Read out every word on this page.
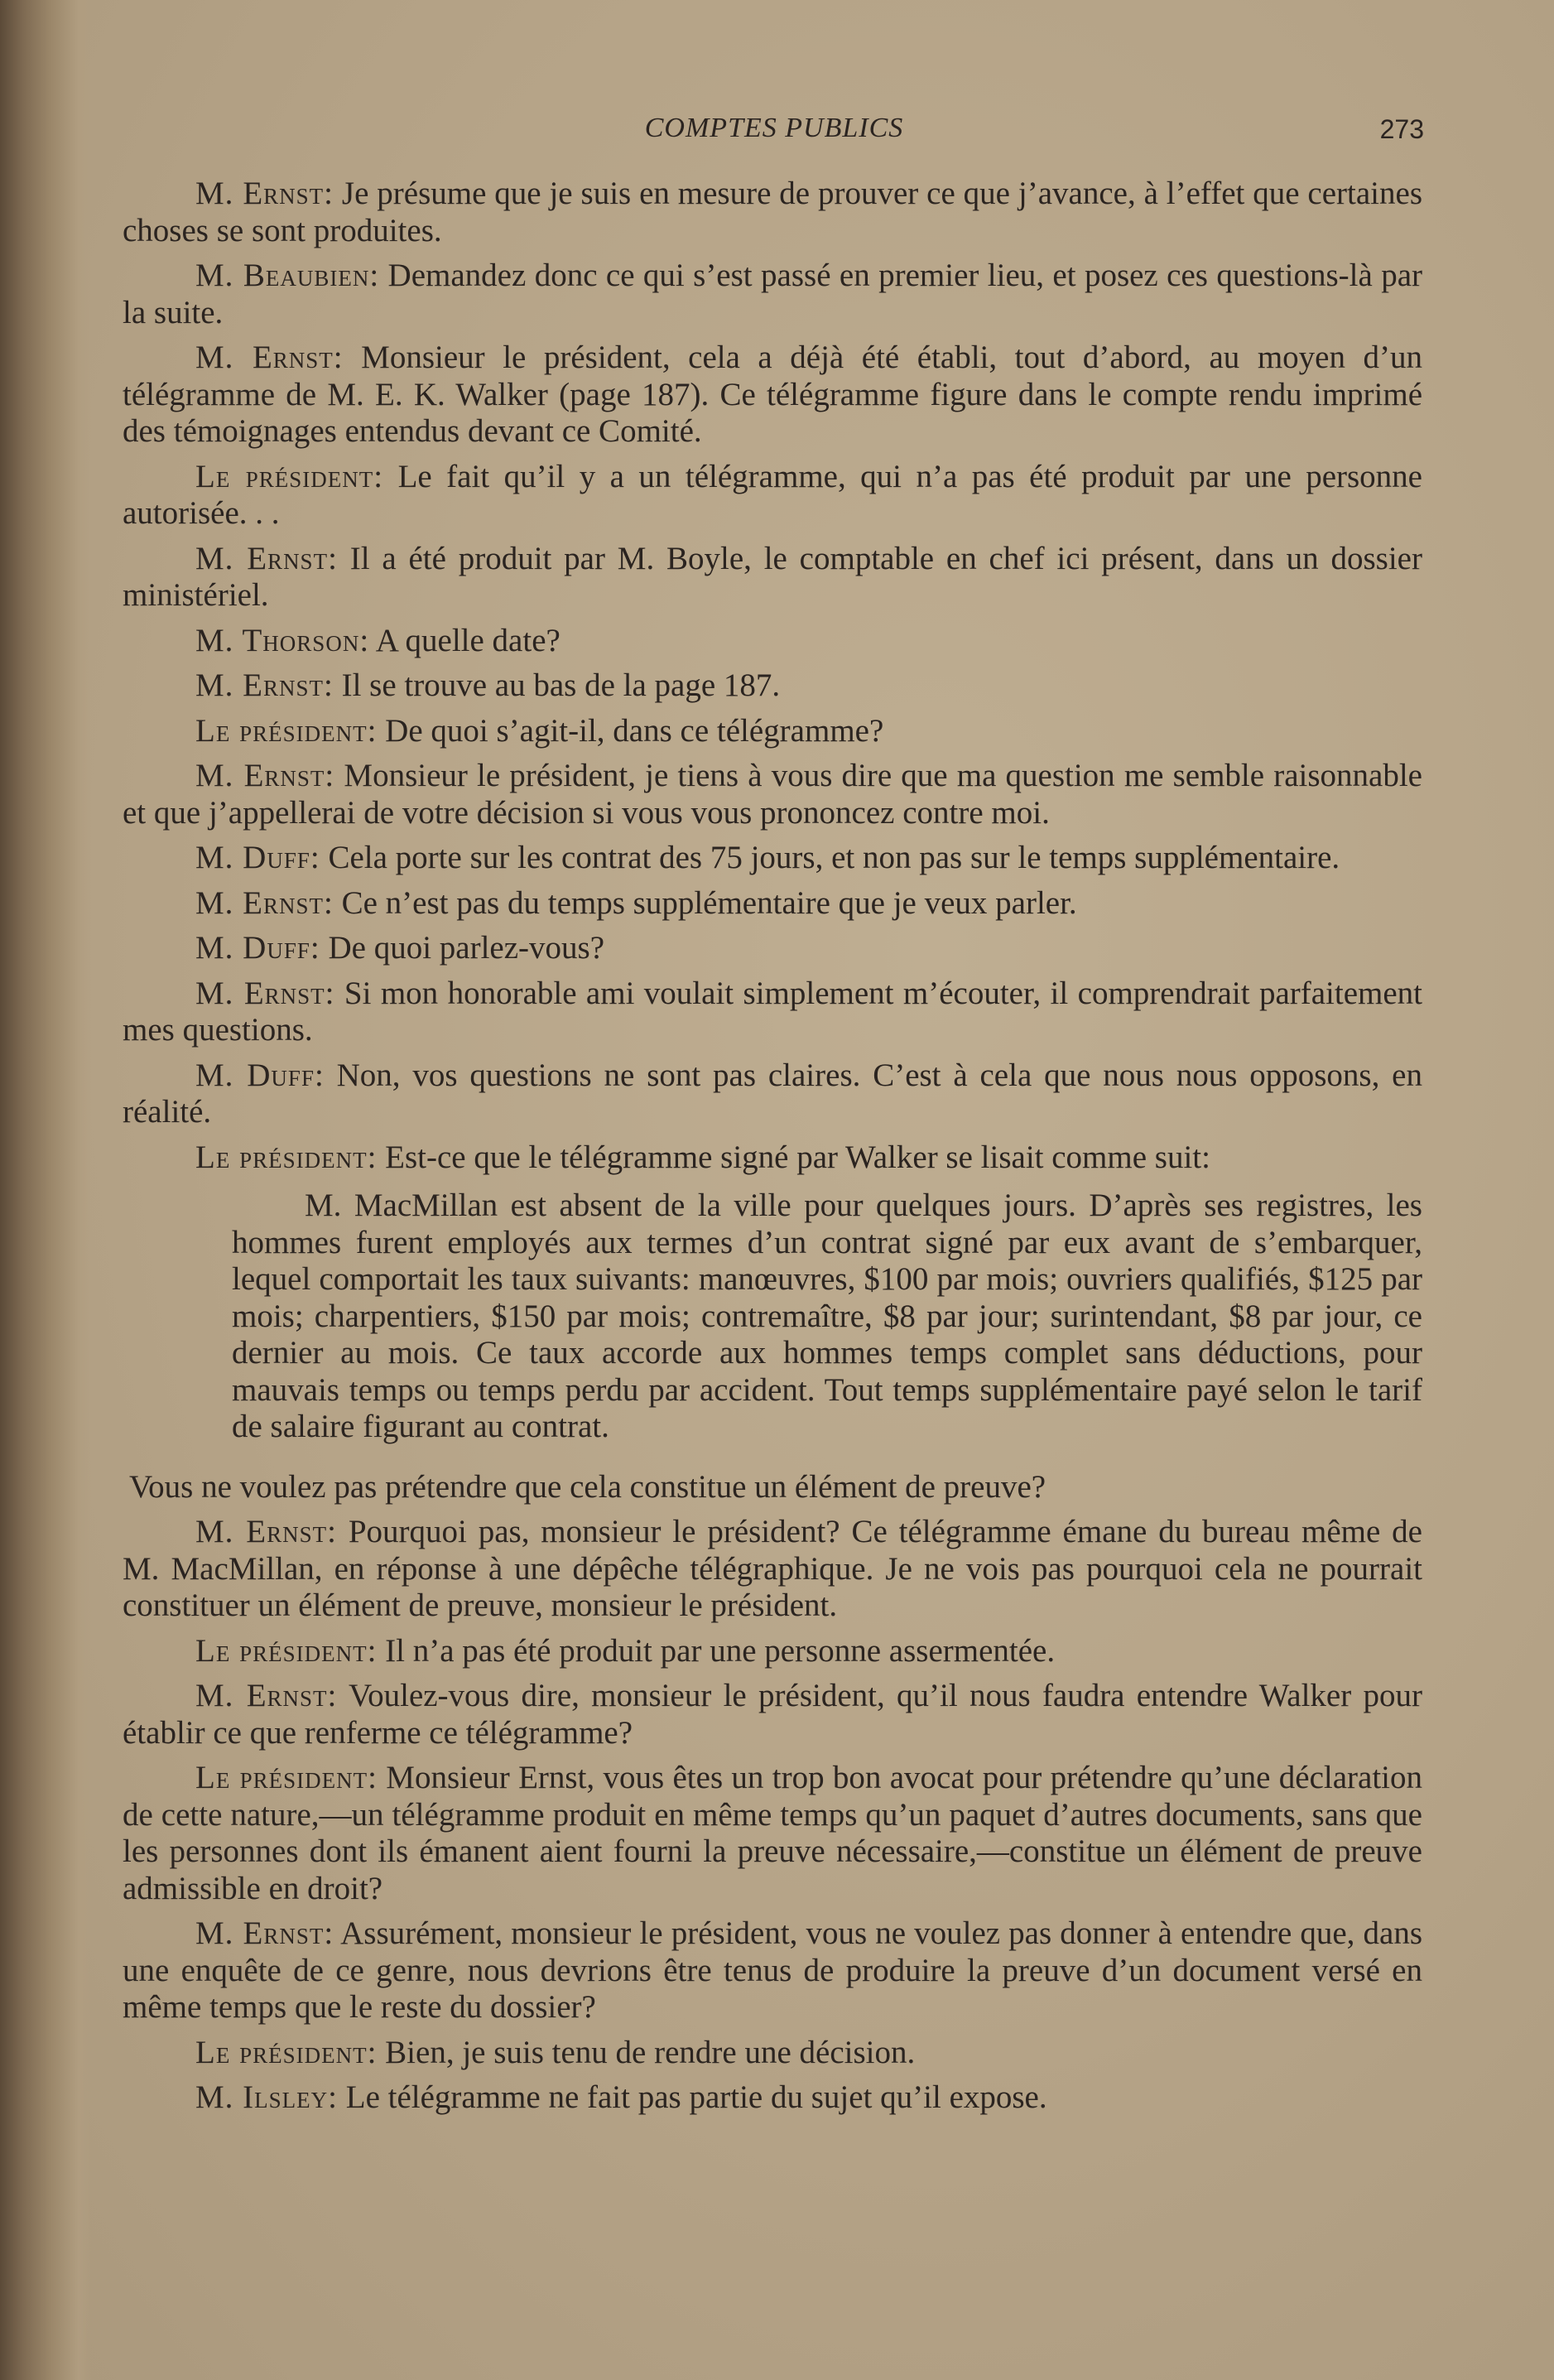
COMPTES PUBLICS	273

M. Ernst: Je présume que je suis en mesure de prouver ce que j’avance, à l’effet que certaines choses se sont produites.

M. Beaubien: Demandez donc ce qui s’est passé en premier lieu, et posez ces questions-là par la suite.

M. Ernst: Monsieur le président, cela a déjà été établi, tout d’abord, au moyen d’un télégramme de M. E. K. Walker (page 187). Ce télégramme figure dans le compte rendu imprimé des témoignages entendus devant ce Comité.

Le président: Le fait qu’il y a un télégramme, qui n’a pas été produit par une personne autorisée. . .

M. Ernst: Il a été produit par M. Boyle, le comptable en chef ici présent, dans un dossier ministériel.

M. Thorson: A quelle date?

M. Ernst: Il se trouve au bas de la page 187.

Le président: De quoi s’agit-il, dans ce télégramme?

M. Ernst: Monsieur le président, je tiens à vous dire que ma question me semble raisonnable et que j’appellerai de votre décision si vous vous prononcez contre moi.

M. Duff: Cela porte sur les contrat des 75 jours, et non pas sur le temps supplémentaire.

M. Ernst: Ce n’est pas du temps supplémentaire que je veux parler.

M. Duff: De quoi parlez-vous?

M. Ernst: Si mon honorable ami voulait simplement m’écouter, il comprendrait parfaitement mes questions.

M. Duff: Non, vos questions ne sont pas claires. C’est à cela que nous nous opposons, en réalité.

Le président: Est-ce que le télégramme signé par Walker se lisait comme suit:

M. MacMillan est absent de la ville pour quelques jours. D’après ses registres, les hommes furent employés aux termes d’un contrat signé par eux avant de s’embarquer, lequel comportait les taux suivants: manœuvres, $100 par mois; ouvriers qualifiés, $125 par mois; charpentiers, $150 par mois; contremaître, $8 par jour; surintendant, $8 par jour, ce dernier au mois. Ce taux accorde aux hommes temps complet sans déductions, pour mauvais temps ou temps perdu par accident. Tout temps supplémentaire payé selon le tarif de salaire figurant au contrat.

Vous ne voulez pas prétendre que cela constitue un élément de preuve?

M. Ernst: Pourquoi pas, monsieur le président? Ce télégramme émane du bureau même de M. MacMillan, en réponse à une dépêche télégraphique. Je ne vois pas pourquoi cela ne pourrait constituer un élément de preuve, monsieur le président.

Le président: Il n’a pas été produit par une personne assermentée.

M. Ernst: Voulez-vous dire, monsieur le président, qu’il nous faudra entendre Walker pour établir ce que renferme ce télégramme?

Le président: Monsieur Ernst, vous êtes un trop bon avocat pour prétendre qu’une déclaration de cette nature,—un télégramme produit en même temps qu’un paquet d’autres documents, sans que les personnes dont ils émanent aient fourni la preuve nécessaire,—constitue un élément de preuve admissible en droit?

M. Ernst: Assurément, monsieur le président, vous ne voulez pas donner à entendre que, dans une enquête de ce genre, nous devrions être tenus de produire la preuve d’un document versé en même temps que le reste du dossier?

Le président: Bien, je suis tenu de rendre une décision.

M. Ilsley: Le télégramme ne fait pas partie du sujet qu’il expose.
